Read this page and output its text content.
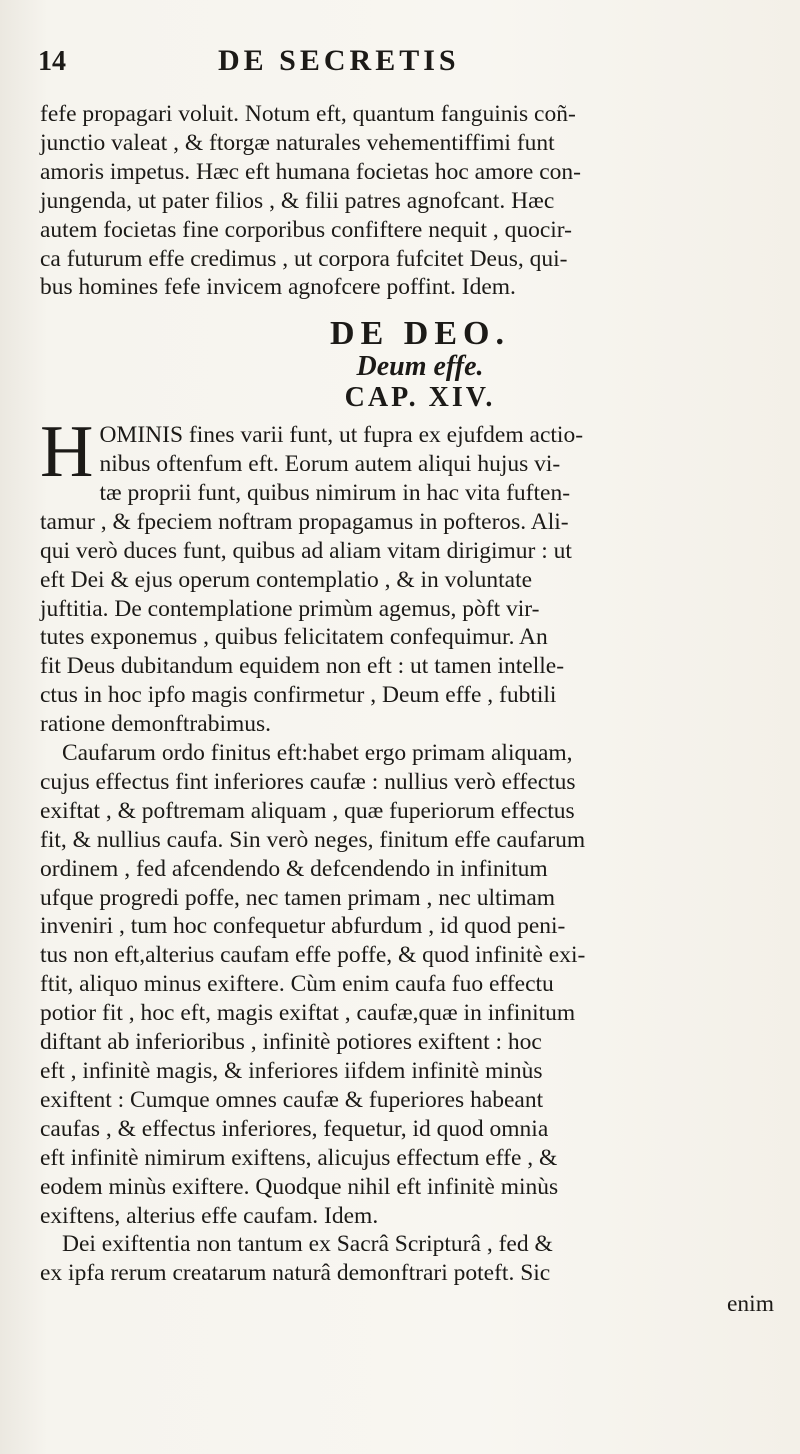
14	DE SECRETIS
fefe propagari voluit. Notum eft, quantum fanguinis coñ-
junctio valeat , & ftorgæ naturales vehementiffimi funt
amoris impetus. Hæc eft humana focietas hoc amore con-
jungenda, ut pater filios , & filii patres agnofcant. Hæc
autem focietas fine corporibus confiftere nequit , quocir-
ca futurum effe credimus , ut corpora fufcitet Deus, qui-
bus homines fefe invicem agnofcere poffint. Idem.
DE DEO.
Deum effe.
CAP. XIV.
H OMINIS fines varii funt, ut fupra ex ejufdem actio-
nibus oftenfum eft. Eorum autem aliqui hujus vi-
tæ proprii funt, quibus nimirum in hac vita fuften-
tamur , & fpeciem noftram propagamus in pofteros. Ali-
qui verò duces funt, quibus ad aliam vitam dirigimur : ut
eft Dei & ejus operum contemplatio , & in voluntate
juftitia. De contemplatione primùm agemus, pòft vir-
tutes exponemus , quibus felicitatem confequimur. An
fit Deus dubitandum equidem non eft : ut tamen intelle-
ctus in hoc ipfo magis confirmetur , Deum effe , fubtili
ratione demonftrabimus.
Caufarum ordo finitus eft:habet ergo primam aliquam,
cujus effectus fint inferiores caufæ : nullius verò effectus
exiftat , & poftremam aliquam , quæ fuperiorum effectus
fit, & nullius caufa. Sin verò neges, finitum effe caufarum
ordinem , fed afcendendo & defcendendo in infinitum
ufque progredi poffe, nec tamen primam , nec ultimam
inveniri , tum hoc confequetur abfurdum , id quod peni-
tus non eft,alterius caufam effe poffe, & quod infinitè exi-
ftit, aliquo minus exiftere. Cùm enim caufa fuo effectu
potior fit , hoc eft, magis exiftat , caufæ,quæ in infinitum
diftant ab inferioribus , infinitè potiores exiftent : hoc
eft , infinitè magis, & inferiores iifdem infinitè minùs
exiftent : Cumque omnes caufæ & fuperiores habeant
caufas , & effectus inferiores, fequetur, id quod omnia
eft infinitè nimirum exiftens, alicujus effectum effe , &
eodem minùs exiftere. Quodque nihil eft infinitè minùs
exiftens, alterius effe caufam. Idem.
Dei exiftentia non tantum ex Sacrâ Scripturâ , fed &
ex ipfa rerum creatarum naturâ demonftrari poteft. Sic
enim
